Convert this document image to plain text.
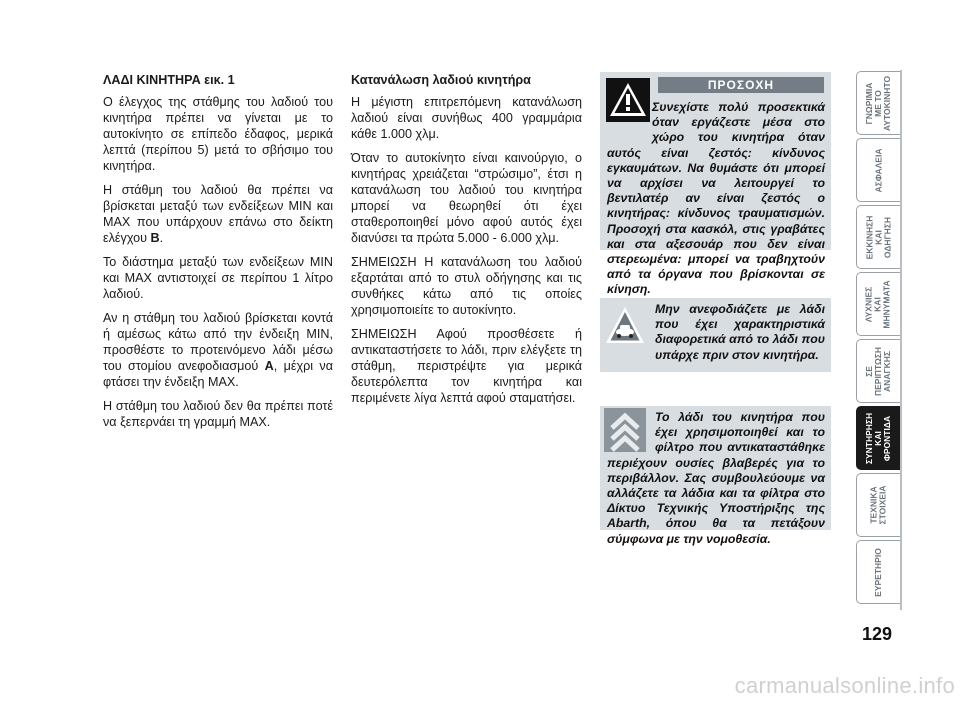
ΛΑΔΙ ΚΙΝΗΤΗΡΑ εικ. 1

Ο έλεγχος της στάθμης του λαδιού του κινητήρα πρέπει να γίνεται με το αυτοκίνητο σε επίπεδο έδαφος, μερικά λεπτά (περίπου 5) μετά το σβήσιμο του κινητήρα.

Η στάθμη του λαδιού θα πρέπει να βρίσκεται μεταξύ των ενδείξεων MIN και MAX που υπάρχουν επάνω στο δείκτη ελέγχου B.

Το διάστημα μεταξύ των ενδείξεων MIN και MAX αντιστοιχεί σε περίπου 1 λίτρο λαδιού.

Αν η στάθμη του λαδιού βρίσκεται κοντά ή αμέσως κάτω από την ένδειξη MIN, προσθέστε το προτεινόμενο λάδι μέσω του στομίου ανεφοδιασμού A, μέχρι να φτάσει την ένδειξη MAX.

Η στάθμη του λαδιού δεν θα πρέπει ποτέ να ξεπερνάει τη γραμμή MAX.

Κατανάλωση λαδιού κινητήρα

Η μέγιστη επιτρεπόμενη κατανάλωση λαδιού είναι συνήθως 400 γραμμάρια κάθε 1.000 χλμ.

Όταν το αυτοκίνητο είναι καινούργιο, ο κινητήρας χρειάζεται “στρώσιμο”, έτσι η κατανάλωση του λαδιού του κινητήρα μπορεί να θεωρηθεί ότι έχει σταθεροποιηθεί μόνο αφού αυτός έχει διανύσει τα πρώτα 5.000 - 6.000 χλμ.

ΣΗΜΕΙΩΣΗ Η κατανάλωση του λαδιού εξαρτάται από το στυλ οδήγησης και τις συνθήκες κάτω από τις οποίες χρησιμοποιείτε το αυτοκίνητο.

ΣΗΜΕΙΩΣΗ Αφού προσθέσετε ή αντικαταστήσετε το λάδι, πριν ελέγξετε τη στάθμη, περιστρέψτε για μερικά δευτερόλεπτα τον κινητήρα και περιμένετε λίγα λεπτά αφού σταματήσει.

ΠΡΟΣΟΧΗ

Συνεχίστε πολύ προσεκτικά όταν εργάζεστε μέσα στο χώρο του κινητήρα όταν αυτός είναι ζεστός: κίνδυνος εγκαυμάτων. Να θυμάστε ότι μπορεί να αρχίσει να λειτουργεί το βεντιλατέρ αν είναι ζεστός ο κινητήρας: κίνδυνος τραυματισμών. Προσοχή στα κασκόλ, στις γραβάτες και στα αξεσουάρ που δεν είναι στερεωμένα: μπορεί να τραβηχτούν από τα όργανα που βρίσκονται σε κίνηση.

Μην ανεφοδιάζετε με λάδι που έχει χαρακτηριστικά διαφορετικά από το λάδι που υπάρχε πριν στον κινητήρα.

Το λάδι του κινητήρα που έχει χρησιμοποιηθεί και το φίλτρο που αντικαταστάθηκε περιέχουν ουσίες βλαβερές για το περιβάλλον. Σας συμβουλεύουμε να αλλάζετε τα λάδια και τα φίλτρα στο Δίκτυο Τεχνικής Υποστήριξης της Abarth, όπου θα τα πετάξουν σύμφωνα με την νομοθεσία.

ΓΝΩΡΙΜΙΑ
ΜΕ ΤΟ
ΑΥΤΟΚΙΝΗΤΟ
ΑΣΦΑΛΕΙΑ
ΕΚΚΙΝΗΣΗ
ΚΑΙ
ΟΔΗΓΗΣΗ
ΛΥΧΝΙΕΣ
ΚΑΙ
ΜΗΝΥΜΑΤΑ
ΣΕ
ΠΕΡΙΠΤΩΣΗ
ΑΝΑΓΚΗΣ
ΣΥΝΤΗΡΗΣΗ
ΚΑΙ
ΦΡΟΝΤΙΔΑ
ΤΕΧΝΙΚΑ
ΣΤΟΙΧΕΙΑ
ΕΥΡΕΤΗΡΙΟ
129
carmanualsonline.info
